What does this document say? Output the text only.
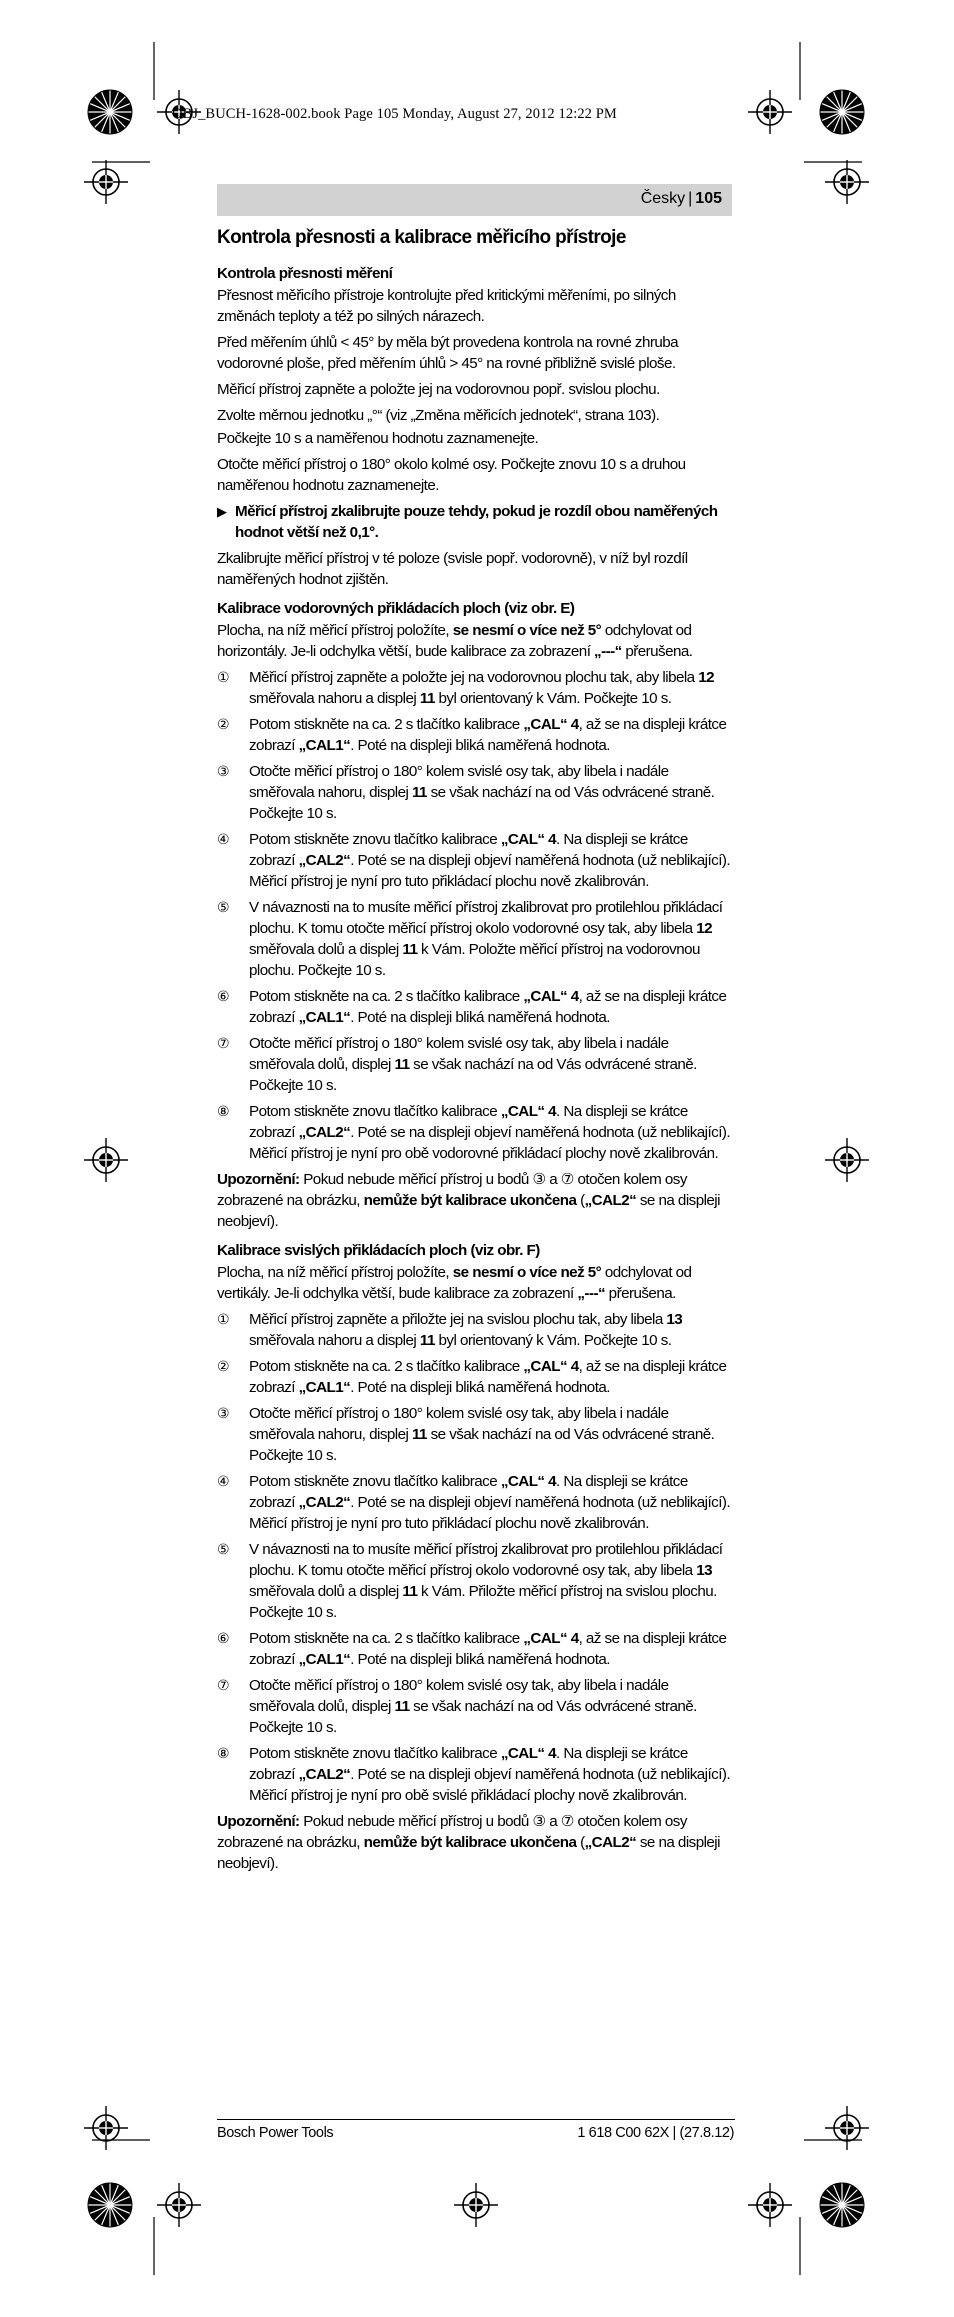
OBJ_BUCH-1628-002.book Page 105 Monday, August 27, 2012 12:22 PM
Česky | 105
Kontrola přesnosti a kalibrace měřicího přístroje
Kontrola přesnosti měření

Přesnost měřicího přístroje kontrolujte před kritickými měřeními, po silných změnách teploty a též po silných nárazech.

Před měřením úhlů < 45° by měla být provedena kontrola na rovné zhruba vodorovné ploše, před měřením úhlů > 45° na rovné přibližně svislé ploše.

Měřicí přístroj zapněte a položte jej na vodorovnou popř. svislou plochu.

Zvolte měrnou jednotku „°“ (viz „Změna měřicích jednotek“, strana 103).

Počkejte 10 s a naměřenou hodnotu zaznamenejte.

Otočte měřicí přístroj o 180° okolo kolmé osy. Počkejte znovu 10 s a druhou naměřenou hodnotu zaznamenejte.

▶ Měřicí přístroj zkalibrujte pouze tehdy, pokud je rozdíl obou naměřených hodnot větší než 0,1°.

Zkalibrujte měřicí přístroj v té poloze (svisle popř. vodorovně), v níž byl rozdíl naměřených hodnot zjištěn.

Kalibrace vodorovných přikládacích ploch (viz obr. E)

Plocha, na níž měřicí přístroj položíte, se nesmí o více než 5° odchylovat od horizontály. Je-li odchylka větší, bude kalibrace za zobrazení „---“ přerušena.

①	Měřicí přístroj zapněte a položte jej na vodorovnou plochu tak, aby libela 12 směřovala nahoru a displej 11 byl orientovaný k Vám. Počkejte 10 s.
②	Potom stiskněte na ca. 2 s tlačítko kalibrace „CAL“ 4, až se na displeji krátce zobrazí „CAL1“. Poté na displeji bliká naměřená hodnota.
③	Otočte měřicí přístroj o 180° kolem svislé osy tak, aby libela i nadále směřovala nahoru, displej 11 se však nachází na od Vás odvrácené straně. Počkejte 10 s.
④	Potom stiskněte znovu tlačítko kalibrace „CAL“ 4. Na displeji se krátce zobrazí „CAL2“. Poté se na displeji objeví naměřená hodnota (už neblikající). Měřicí přístroj je nyní pro tuto přikládací plochu nově zkalibrován.
⑤	V návaznosti na to musíte měřicí přístroj zkalibrovat pro protilehlou přikládací plochu. K tomu otočte měřicí přístroj okolo vodorovné osy tak, aby libela 12 směřovala dolů a displej 11 k Vám. Položte měřicí přístroj na vodorovnou plochu. Počkejte 10 s.
⑥	Potom stiskněte na ca. 2 s tlačítko kalibrace „CAL“ 4, až se na displeji krátce zobrazí „CAL1“. Poté na displeji bliká naměřená hodnota.
⑦	Otočte měřicí přístroj o 180° kolem svislé osy tak, aby libela i nadále směřovala dolů, displej 11 se však nachází na od Vás odvrácené straně. Počkejte 10 s.
⑧	Potom stiskněte znovu tlačítko kalibrace „CAL“ 4. Na displeji se krátce zobrazí „CAL2“. Poté se na displeji objeví naměřená hodnota (už neblikající). Měřicí přístroj je nyní pro obě vodorovné přikládací plochy nově zkalibrován.

Upozornění: Pokud nebude měřicí přístroj u bodů ③ a ⑦ otočen kolem osy zobrazené na obrázku, nemůže být kalibrace ukončena („CAL2“ se na displeji neobjeví).

Kalibrace svislých přikládacích ploch (viz obr. F)

Plocha, na níž měřicí přístroj položíte, se nesmí o více než 5° odchylovat od vertikály. Je-li odchylka větší, bude kalibrace za zobrazení „---“ přerušena.

①	Měřicí přístroj zapněte a přiložte jej na svislou plochu tak, aby libela 13 směřovala nahoru a displej 11 byl orientovaný k Vám. Počkejte 10 s.
②	Potom stiskněte na ca. 2 s tlačítko kalibrace „CAL“ 4, až se na displeji krátce zobrazí „CAL1“. Poté na displeji bliká naměřená hodnota.
③	Otočte měřicí přístroj o 180° kolem svislé osy tak, aby libela i nadále směřovala nahoru, displej 11 se však nachází na od Vás odvrácené straně. Počkejte 10 s.
④	Potom stiskněte znovu tlačítko kalibrace „CAL“ 4. Na displeji se krátce zobrazí „CAL2“. Poté se na displeji objeví naměřená hodnota (už neblikající). Měřicí přístroj je nyní pro tuto přikládací plochu nově zkalibrován.
⑤	V návaznosti na to musíte měřicí přístroj zkalibrovat pro protilehlou přikládací plochu. K tomu otočte měřicí přístroj okolo vodorovné osy tak, aby libela 13 směřovala dolů a displej 11 k Vám. Přiložte měřicí přístroj na svislou plochu. Počkejte 10 s.
⑥	Potom stiskněte na ca. 2 s tlačítko kalibrace „CAL“ 4, až se na displeji krátce zobrazí „CAL1“. Poté na displeji bliká naměřená hodnota.
⑦	Otočte měřicí přístroj o 180° kolem svislé osy tak, aby libela i nadále směřovala dolů, displej 11 se však nachází na od Vás odvrácené straně. Počkejte 10 s.
⑧	Potom stiskněte znovu tlačítko kalibrace „CAL“ 4. Na displeji se krátce zobrazí „CAL2“. Poté se na displeji objeví naměřená hodnota (už neblikající). Měřicí přístroj je nyní pro obě svislé přikládací plochy nově zkalibrován.

Upozornění: Pokud nebude měřicí přístroj u bodů ③ a ⑦ otočen kolem osy zobrazené na obrázku, nemůže být kalibrace ukončena („CAL2“ se na displeji neobjeví).

Bosch Power Tools	1 618 C00 62X | (27.8.12)
